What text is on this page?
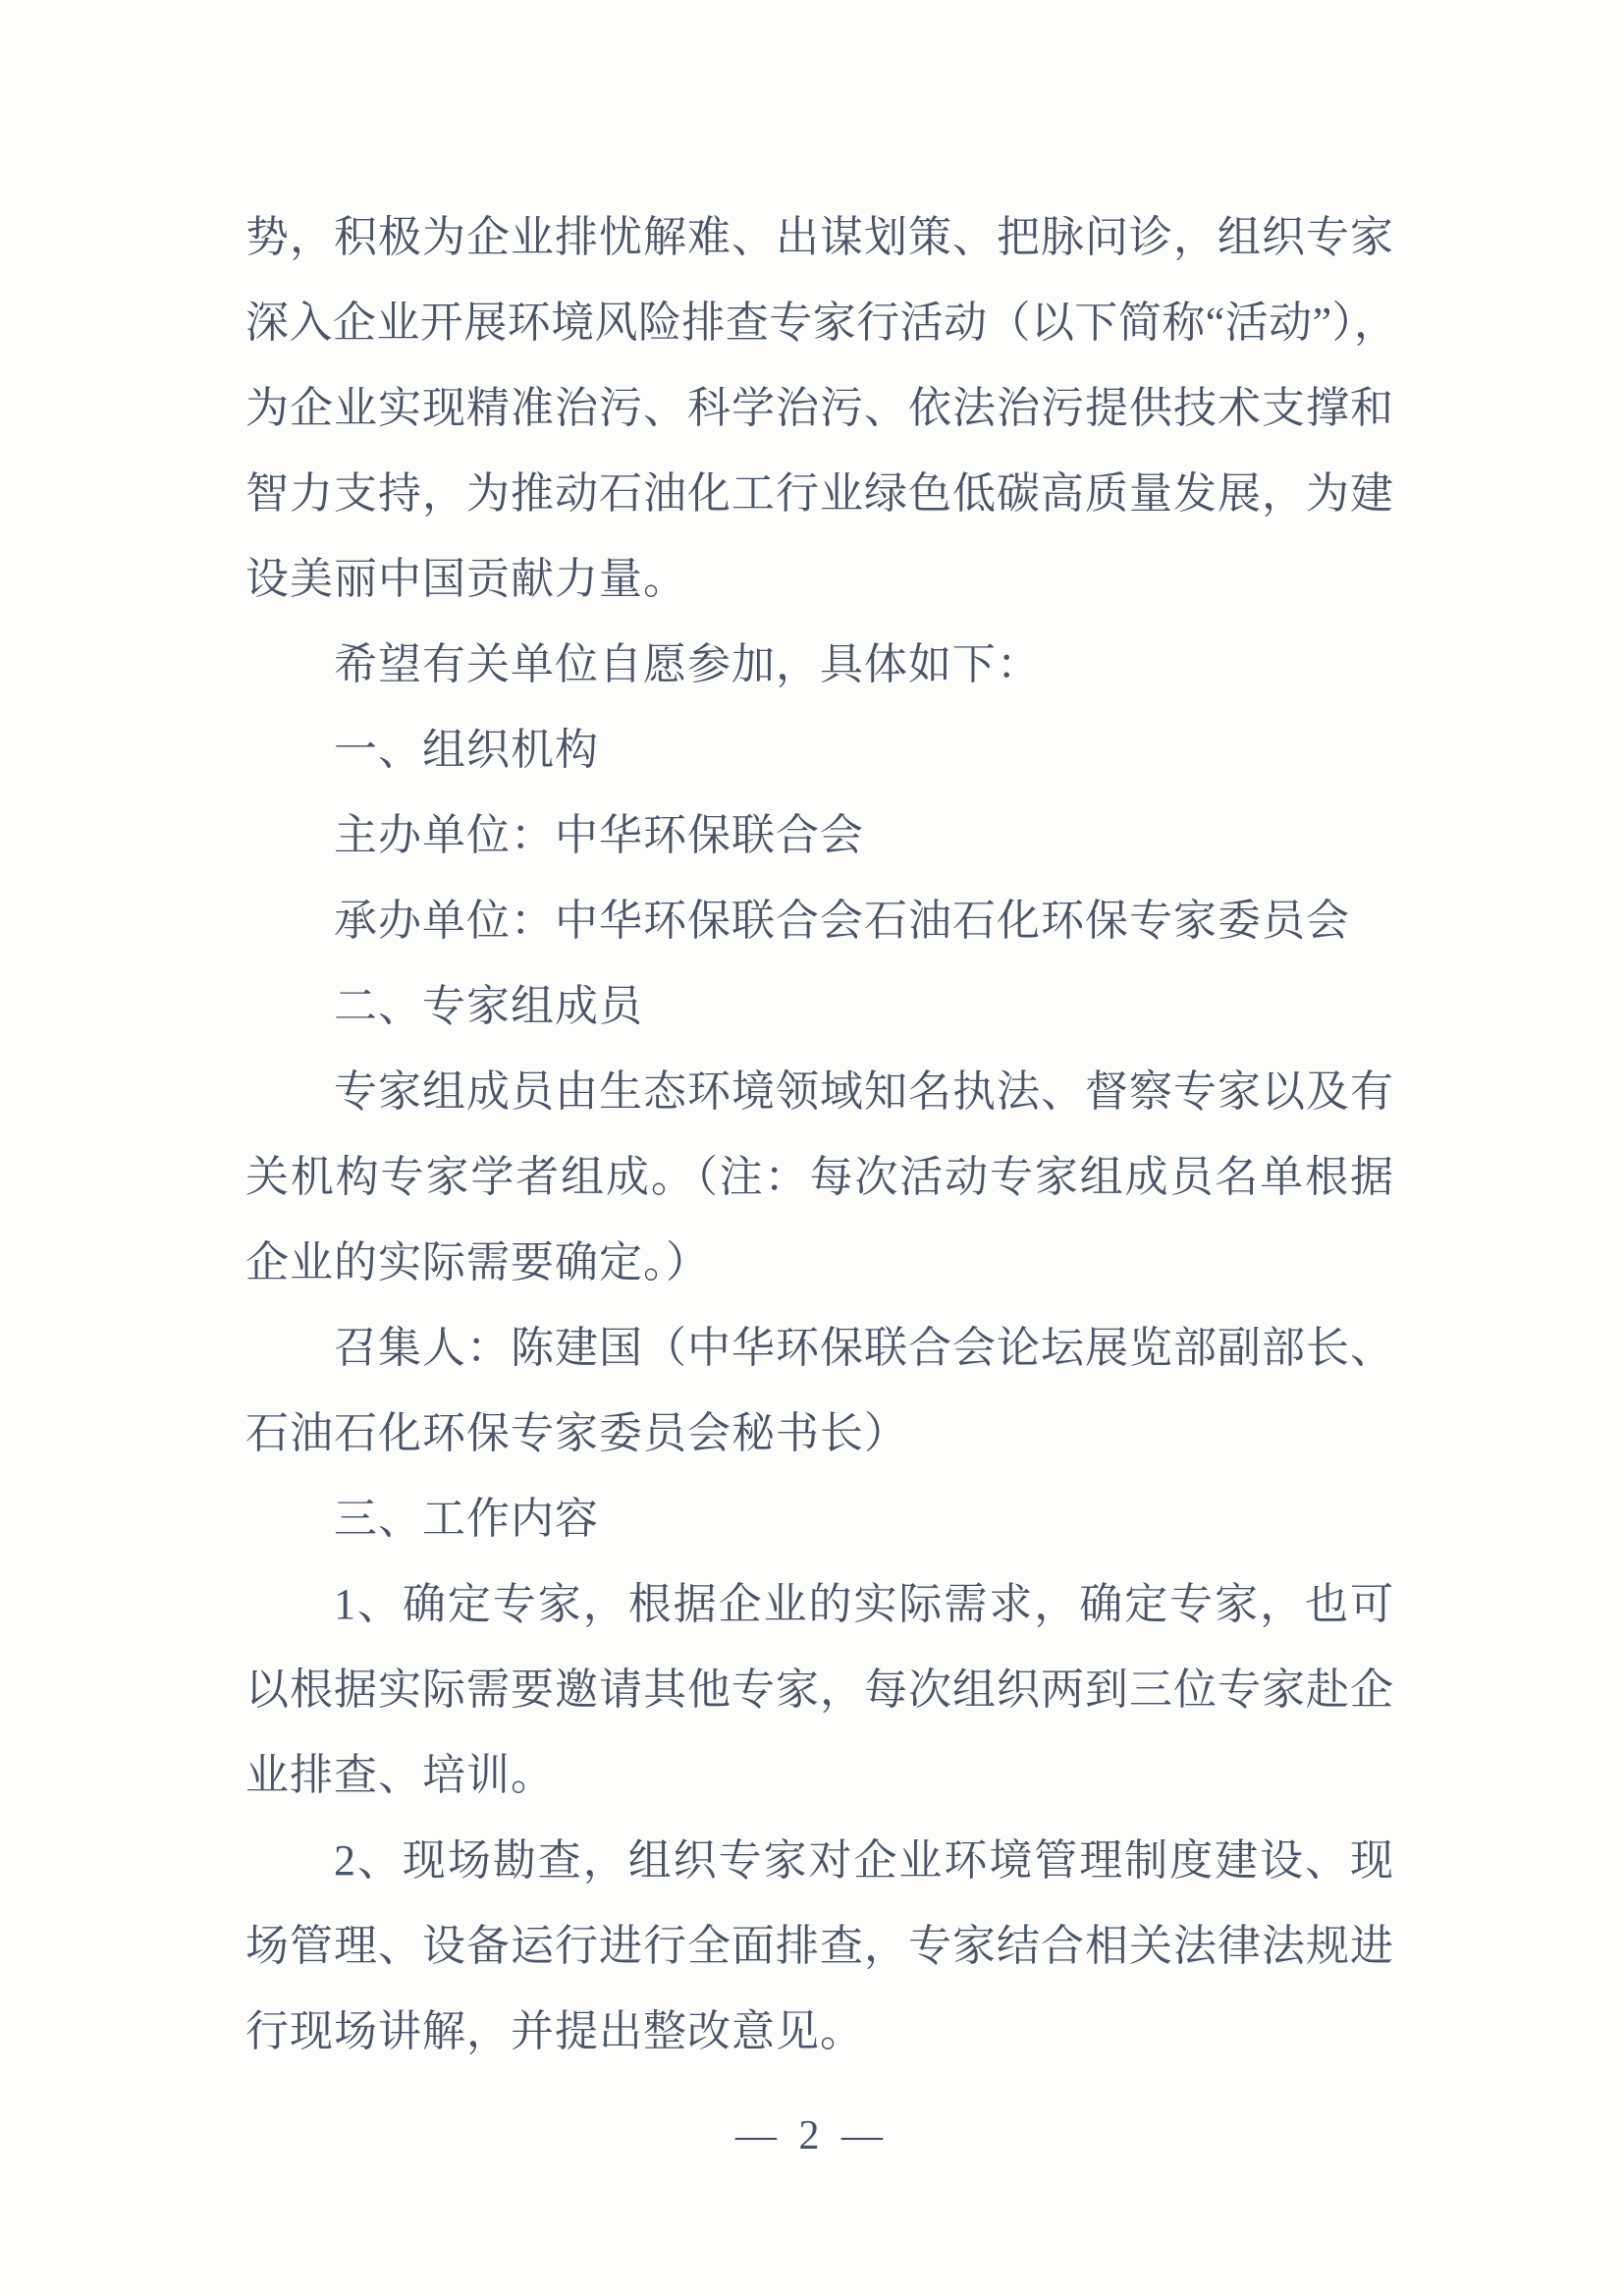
势，积极为企业排忧解难、出谋划策、把脉问诊，组织专家
深入企业开展环境风险排查专家行活动（以下简称“活动”），
为企业实现精准治污、科学治污、依法治污提供技术支撑和
智力支持，为推动石油化工行业绿色低碳高质量发展，为建
设美丽中国贡献力量。
希望有关单位自愿参加，具体如下：
一、组织机构
主办单位：中华环保联合会
承办单位：中华环保联合会石油石化环保专家委员会
二、专家组成员
专家组成员由生态环境领域知名执法、督察专家以及有
关机构专家学者组成。（注：每次活动专家组成员名单根据
企业的实际需要确定。）
召集人：陈建国（中华环保联合会论坛展览部副部长、
石油石化环保专家委员会秘书长）
三、工作内容
1、确定专家，根据企业的实际需求，确定专家，也可
以根据实际需要邀请其他专家，每次组织两到三位专家赴企
业排查、培训。
2、现场勘查，组织专家对企业环境管理制度建设、现
场管理、设备运行进行全面排查，专家结合相关法律法规进
行现场讲解，并提出整改意见。
— 2 —
